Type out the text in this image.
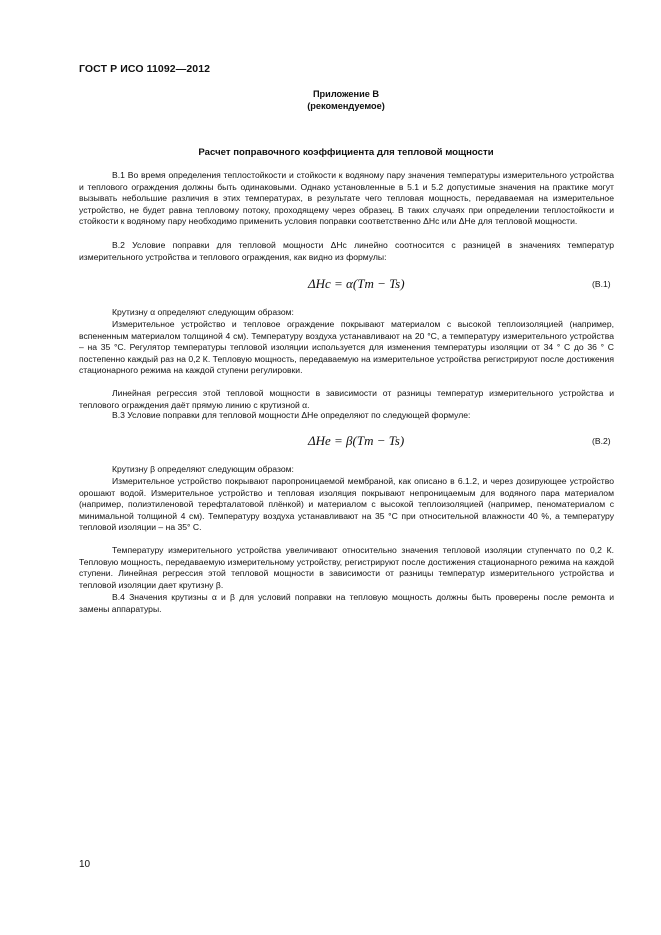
ГОСТ Р ИСО 11092—2012
Приложение В
(рекомендуемое)
Расчет поправочного коэффициента для тепловой мощности

В.1 Во время определения теплостойкости и стойкости к водяному пару значения температуры измерительного устройства и теплового ограждения должны быть одинаковыми. Однако установленные в 5.1 и 5.2 допустимые значения на практике могут вызывать небольшие различия в этих температурах, в результате чего тепловая мощность, передаваемая на измерительное устройство, не будет равна тепловому потоку, проходящему через образец. В таких случаях при определении теплостойкости и стойкости к водяному пару необходимо применить условия поправки соответственно ΔHc или ΔHe для тепловой мощности.

В.2 Условие поправки для тепловой мощности ΔHc линейно соотносится с разницей в значениях температур измерительного устройства и теплового ограждения, как видно из формулы:

ΔHc = α(Tm − Ts)	(В.1)

Крутизну α определяют следующим образом:

Измерительное устройство и тепловое ограждение покрывают материалом с высокой теплоизоляцией (например, вспененным материалом толщиной 4 см). Температуру воздуха устанавливают на 20 °С, а температуру измерительного устройства – на 35 °С. Регулятор температуры тепловой изоляции используется для изменения температуры изоляции от 34 ° С до 36 ° С постепенно каждый раз на 0,2 К. Тепловую мощность, передаваемую на измерительное устройства регистрируют после достижения стационарного режима на каждой ступени регулировки.

Линейная регрессия этой тепловой мощности в зависимости от разницы температур измерительного устройства и теплового ограждения даёт прямую линию с крутизной α.

В.3 Условие поправки для тепловой мощности ΔHe определяют по следующей формуле:

ΔHe = β(Tm − Ts)	(В.2)

Крутизну β определяют следующим образом:

Измерительное устройство покрывают паропроницаемой мембраной, как описано в 6.1.2, и через дозирующее устройство орошают водой. Измерительное устройство и тепловая изоляция покрывают непроницаемым для водяного пара материалом (например, полиэтиленовой терефталатовой плёнкой) и материалом с высокой теплоизоляцией (например, пеноматериалом с минимальной толщиной 4 см). Температуру воздуха устанавливают на 35 °С при относительной влажности 40 %, а температуру тепловой изоляции – на 35° С.

Температуру измерительного устройства увеличивают относительно значения тепловой изоляции ступенчато по 0,2 К. Тепловую мощность, передаваемую измерительному устройству, регистрируют после достижения стационарного режима на каждой ступени. Линейная регрессия этой тепловой мощности в зависимости от разницы температур измерительного устройства и тепловой изоляции дает крутизну β.

В.4 Значения крутизны α и β для условий поправки на тепловую мощность должны быть проверены после ремонта и замены аппаратуры.

10
